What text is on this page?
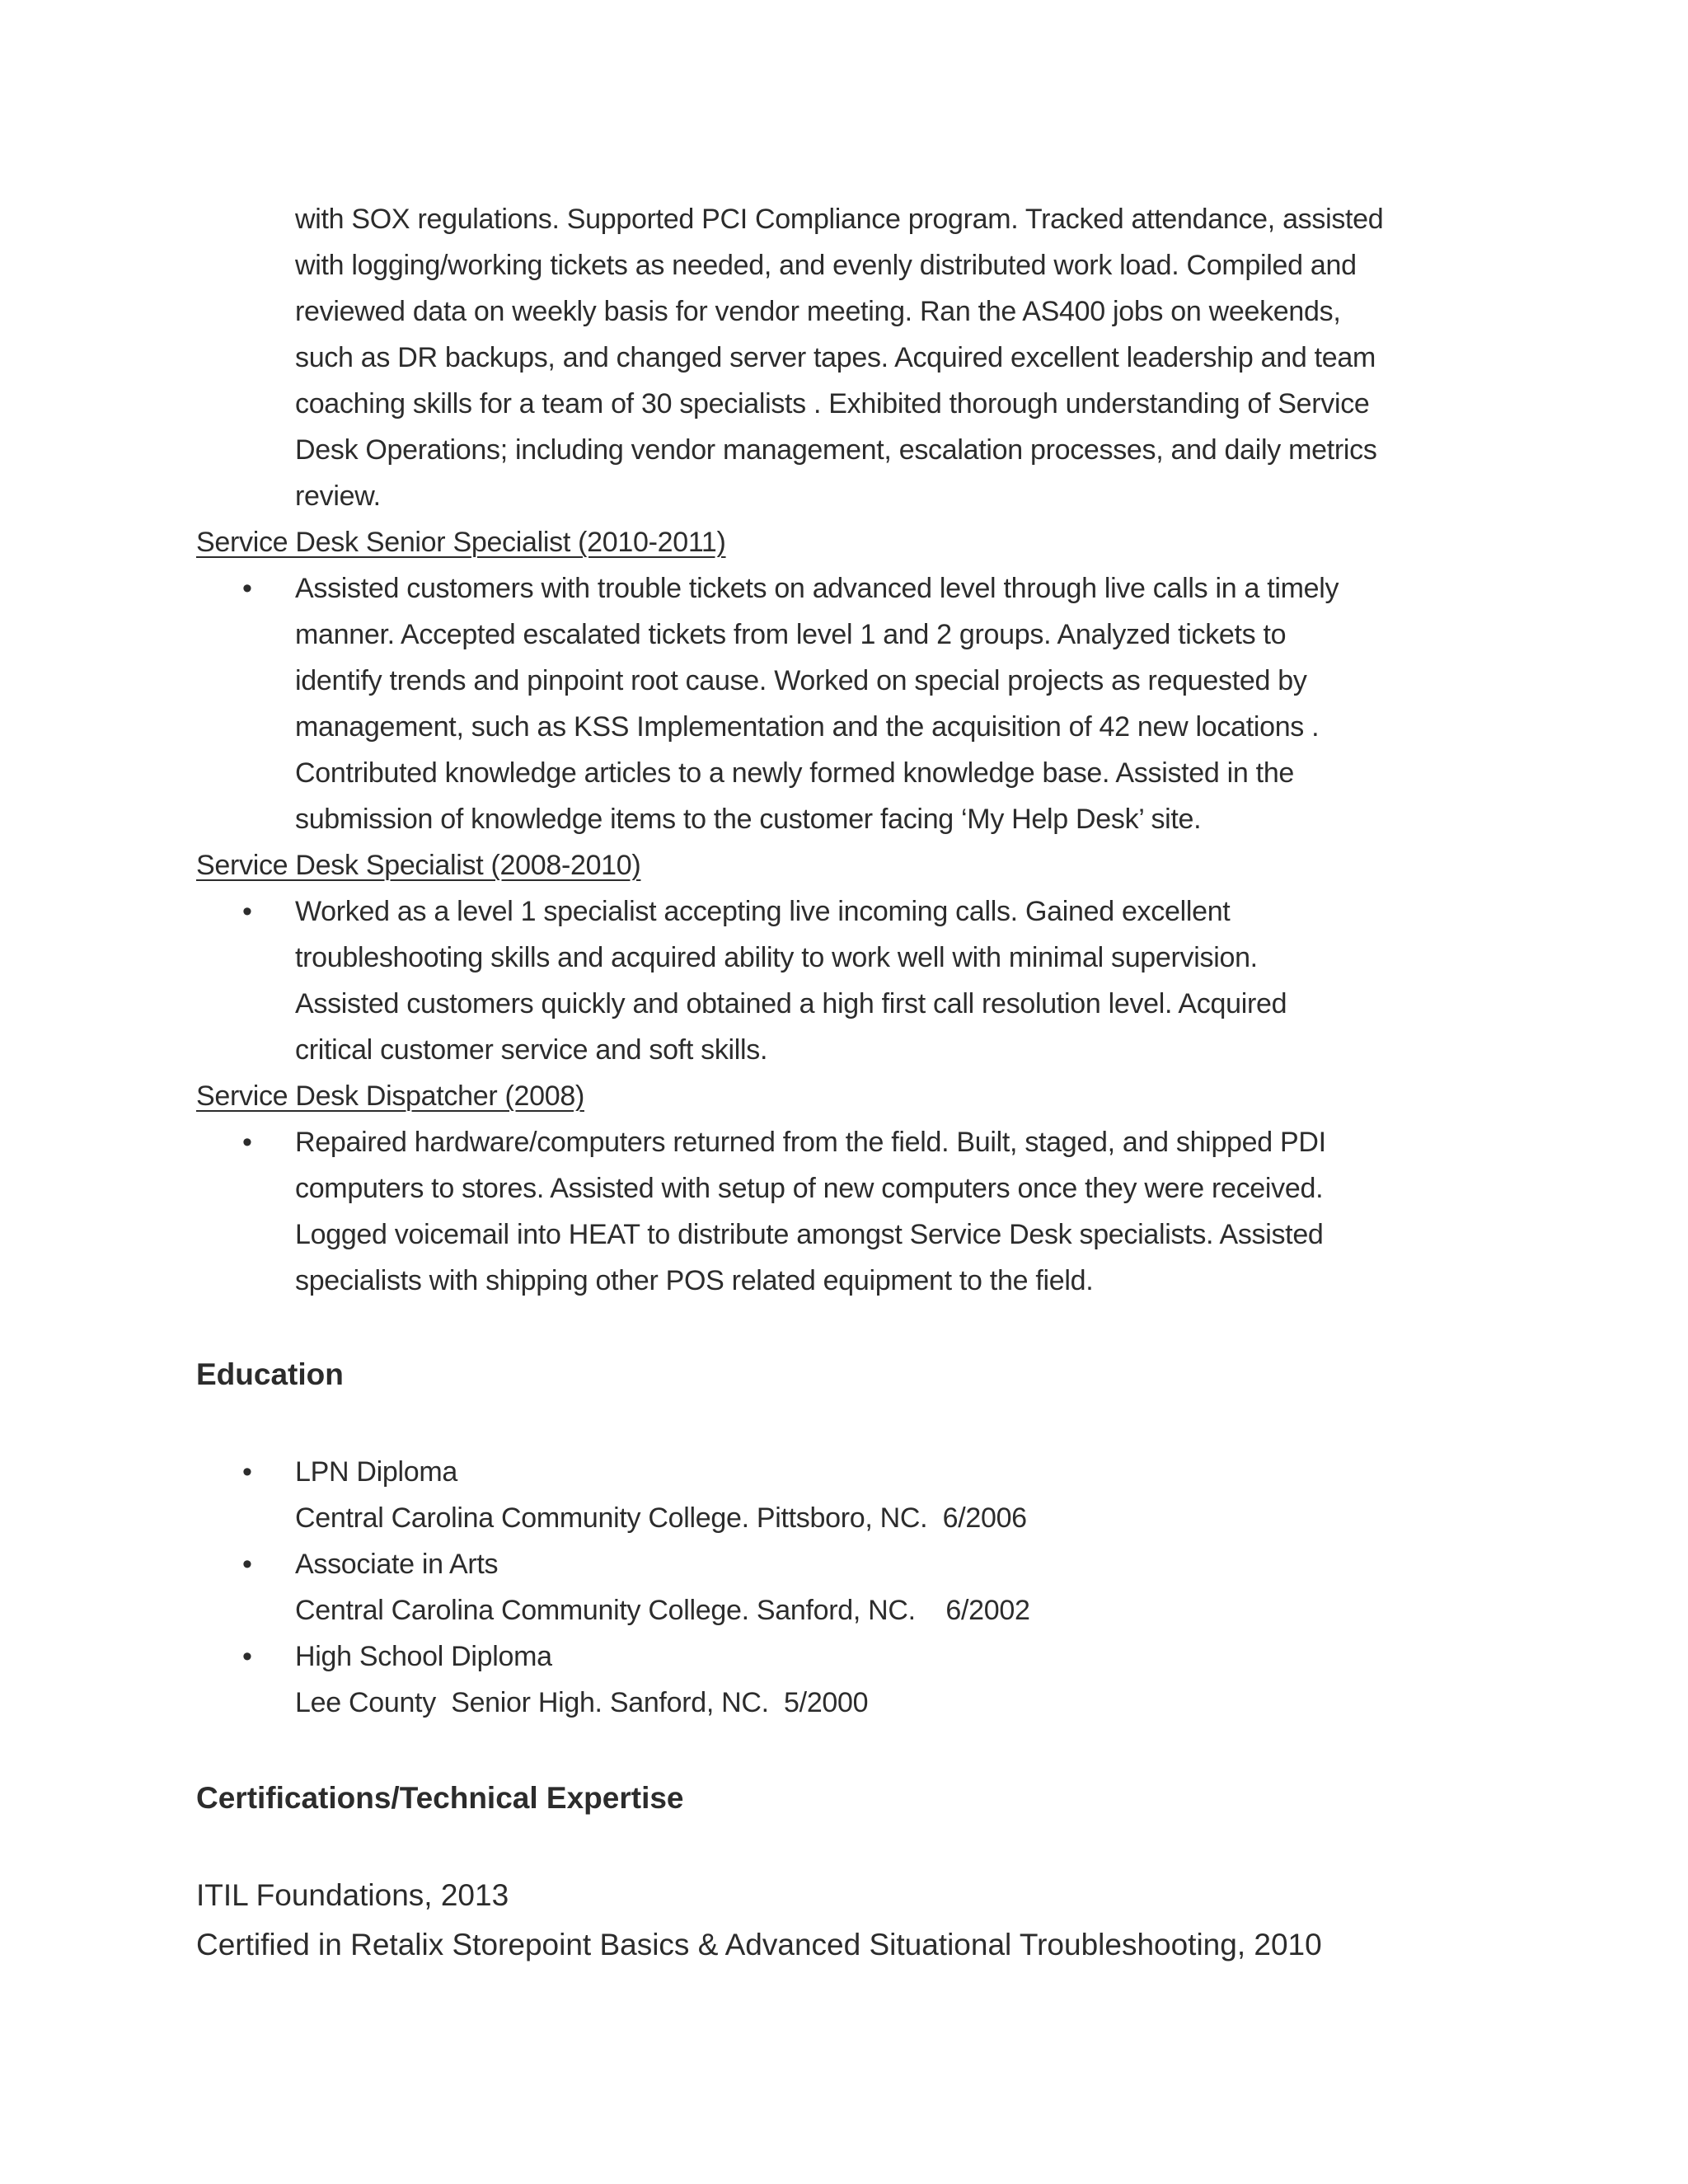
with SOX regulations. Supported PCI Compliance program. Tracked attendance, assisted
with logging/working tickets as needed, and evenly distributed work load. Compiled and
reviewed data on weekly basis for vendor meeting. Ran the AS400 jobs on weekends,
such as DR backups, and changed server tapes. Acquired excellent leadership and team
coaching skills for a team of 30 specialists . Exhibited thorough understanding of Service
Desk Operations; including vendor management, escalation processes, and daily metrics
review.
Service Desk Senior Specialist (2010-2011)
•	Assisted customers with trouble tickets on advanced level through live calls in a timely
manner. Accepted escalated tickets from level 1 and 2 groups. Analyzed tickets to
identify trends and pinpoint root cause. Worked on special projects as requested by
management, such as KSS Implementation and the acquisition of 42 new locations .
Contributed knowledge articles to a newly formed knowledge base. Assisted in the
submission of knowledge items to the customer facing ‘My Help Desk’ site.
Service Desk Specialist (2008-2010)
•	Worked as a level 1 specialist accepting live incoming calls. Gained excellent
troubleshooting skills and acquired ability to work well with minimal supervision.
Assisted customers quickly and obtained a high first call resolution level. Acquired
critical customer service and soft skills.
Service Desk Dispatcher (2008)
•	Repaired hardware/computers returned from the field. Built, staged, and shipped PDI
computers to stores. Assisted with setup of new computers once they were received.
Logged voicemail into HEAT to distribute amongst Service Desk specialists. Assisted
specialists with shipping other POS related equipment to the field.
Education
•	LPN Diploma
Central Carolina Community College. Pittsboro, NC.  6/2006
•	Associate in Arts
Central Carolina Community College. Sanford, NC.    6/2002
•	High School Diploma
Lee County  Senior High. Sanford, NC.  5/2000
Certifications/Technical Expertise
ITIL Foundations, 2013
Certified in Retalix Storepoint Basics & Advanced Situational Troubleshooting, 2010
